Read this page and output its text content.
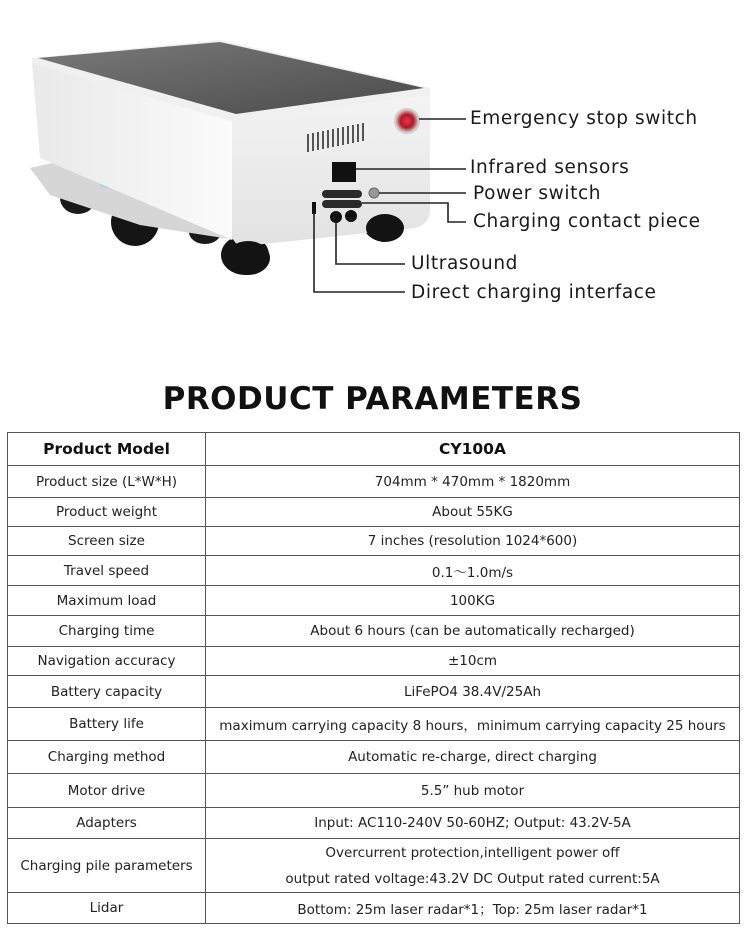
Emergency stop switch
Infrared sensors
Power switch
Charging contact piece
Ultrasound
Direct charging interface
PRODUCT PARAMETERS
Product Model	CY100A
Product size (L*W*H)	704mm * 470mm * 1820mm
Product weight	About 55KG
Screen size	7 inches (resolution 1024*600)
Travel speed	0.1～1.0m/s
Maximum load	100KG
Charging time	About 6 hours (can be automatically recharged)
Navigation accuracy	±10cm
Battery capacity	LiFePO4 38.4V/25Ah
Battery life	maximum carrying capacity 8 hours，minimum carrying capacity 25 hours
Charging method	Automatic re-charge, direct charging
Motor drive	5.5” hub motor
Adapters	Input: AC110-240V 50-60HZ; Output: 43.2V-5A
Charging pile parameters	Overcurrent protection,intelligent power off
output rated voltage:43.2V DC Output rated current:5A

Lidar	Bottom: 25m laser radar*1；Top: 25m laser radar*1
